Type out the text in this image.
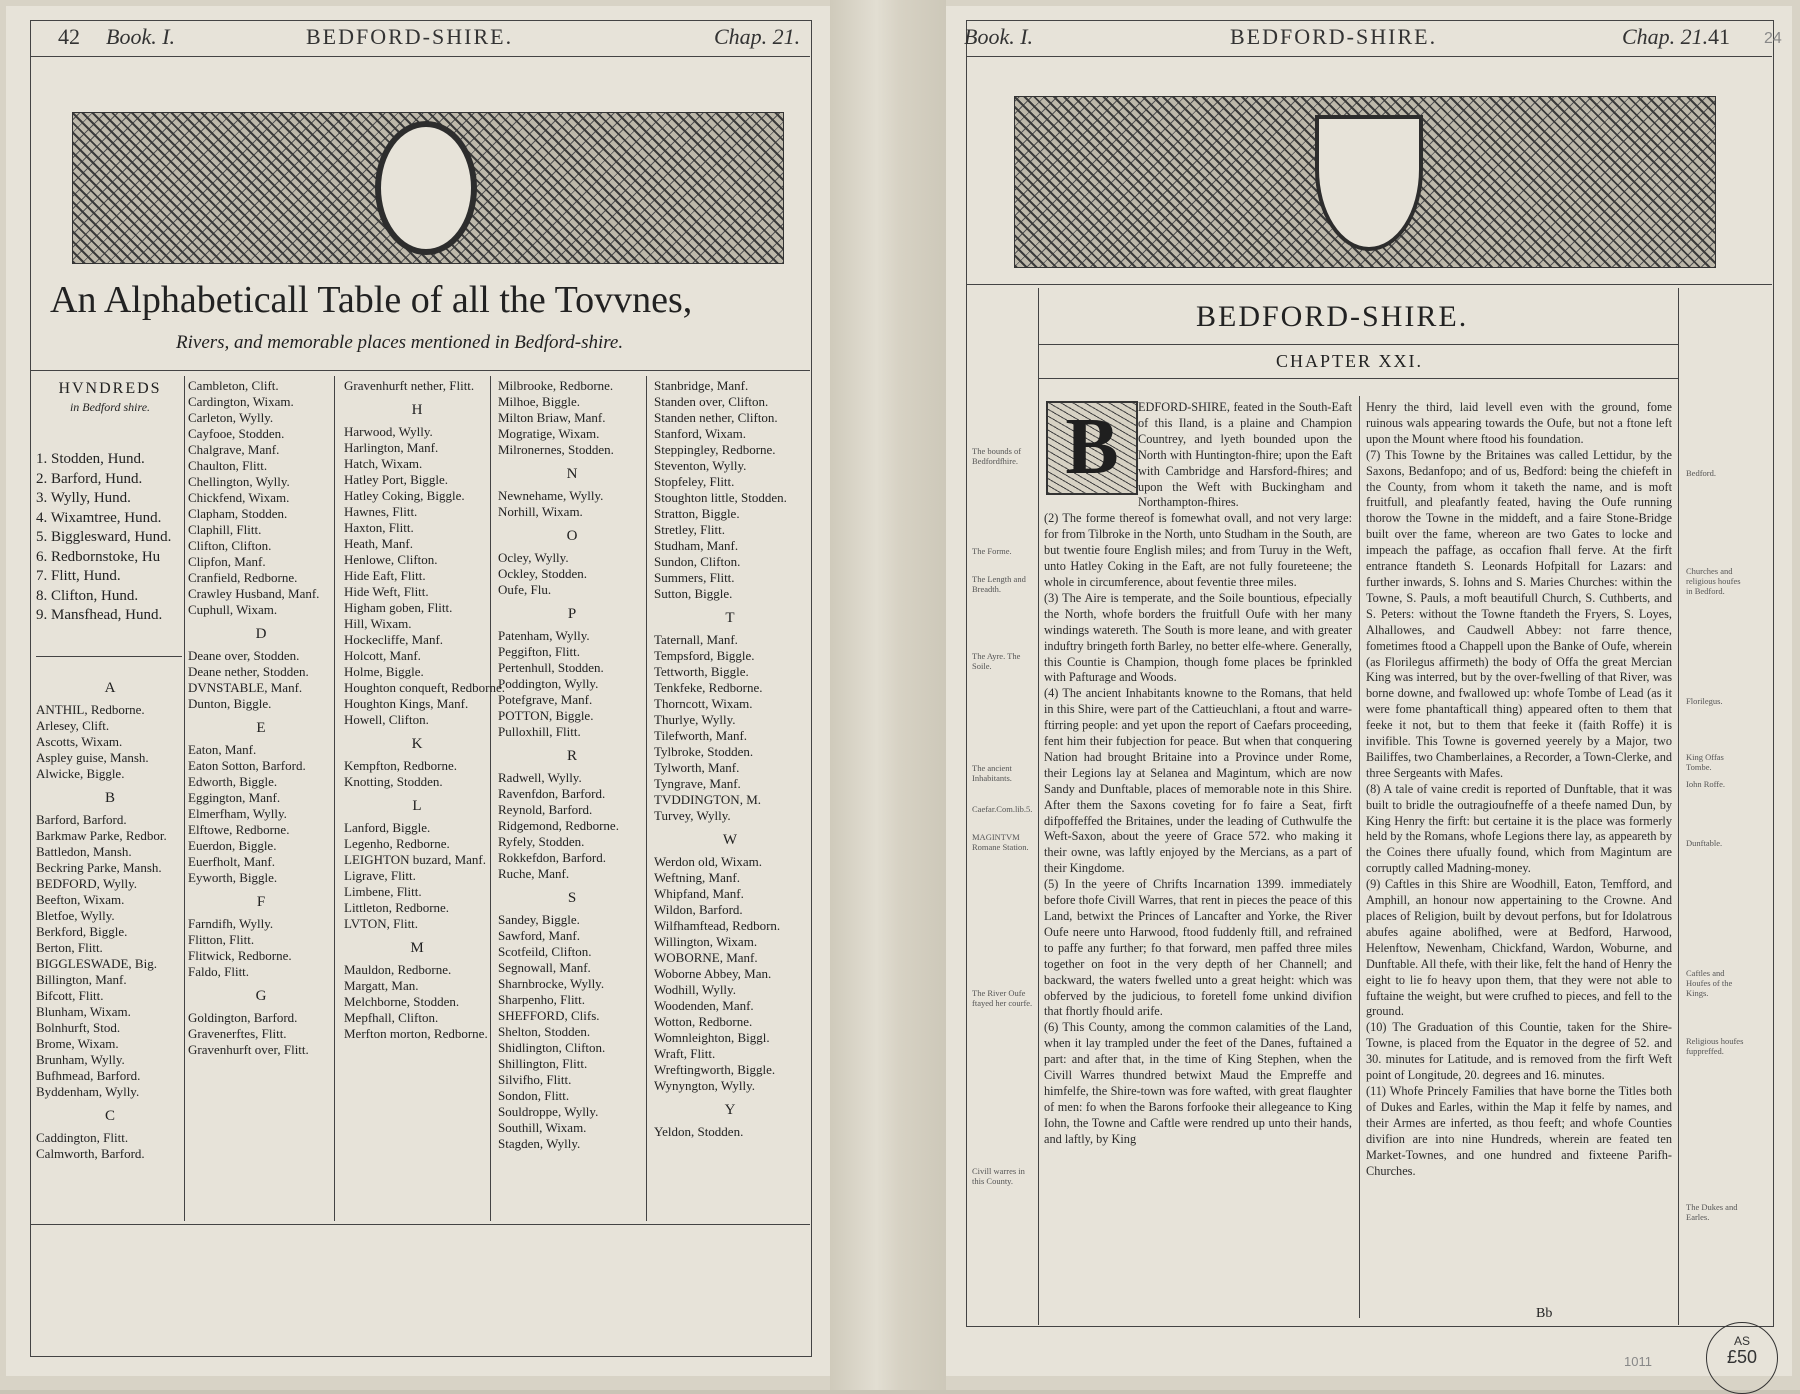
42 Book. I.	BEDFORD-SHIRE.	Chap. 21.
An Alphabeticall Table of all the Tovvnes,
Rivers, and memorable places mentioned in Bedford-shire.
HVNDREDS
in Bedford shire.
1. Stodden, Hund.
2. Barford, Hund.
3. Wylly, Hund.
4. Wixamtree, Hund.
5. Bigglesward, Hund.
6. Redbornstoke, Hu
7. Flitt, Hund.
8. Clifton, Hund.
9. Mansfhead, Hund.
A
ANTHIL, Redborne.
Arlesey, Clift.
Ascotts, Wixam.
Aspley guise, Mansh.
Alwicke, Biggle.
B
Barford, Barford.
Barkmaw Parke, Redbor.
Battledon, Mansh.
Beckring Parke, Mansh.
BEDFORD, Wylly.
Beefton, Wixam.
Bletfoe, Wylly.
Berkford, Biggle.
Berton, Flitt.
BIGGLESWADE, Big.
Billington, Manf.
Bifcott, Flitt.
Blunham, Wixam.
Bolnhurft, Stod.
Brome, Wixam.
Brunham, Wylly.
Bufhmead, Barford.
Byddenham, Wylly.
C
Caddington, Flitt.
Calmworth, Barford.
Cambleton, Clift.
Cardington, Wixam.
Carleton, Wylly.
Cayfooe, Stodden.
Chalgrave, Manf.
Chaulton, Flitt.
Chellington, Wylly.
Chickfend, Wixam.
Clapham, Stodden.
Claphill, Flitt.
Clifton, Clifton.
Clipfon, Manf.
Cranfield, Redborne.
Crawley Husband, Manf.
Cuphull, Wixam.
D
Deane over, Stodden.
Deane nether, Stodden.
DVNSTABLE, Manf.
Dunton, Biggle.
E
Eaton, Manf.
Eaton Sotton, Barford.
Edworth, Biggle.
Eggington, Manf.
Elmerfham, Wylly.
Elftowe, Redborne.
Euerdon, Biggle.
Euerfholt, Manf.
Eyworth, Biggle.
F
Farndifh, Wylly.
Flitton, Flitt.
Flitwick, Redborne.
Faldo, Flitt.
G
Goldington, Barford.
Gravenerftes, Flitt.
Gravenhurft over, Flitt.
Gravenhurft nether, Flitt.
H
Harwood, Wylly.
Harlington, Manf.
Hatch, Wixam.
Hatley Port, Biggle.
Hatley Coking, Biggle.
Hawnes, Flitt.
Haxton, Flitt.
Heath, Manf.
Henlowe, Clifton.
Hide Eaft, Flitt.
Hide Weft, Flitt.
Higham goben, Flitt.
Hill, Wixam.
Hockecliffe, Manf.
Holcott, Manf.
Holme, Biggle.
Houghton conqueft, Redborne.
Houghton Kings, Manf.
Howell, Clifton.
K
Kempfton, Redborne.
Knotting, Stodden.
L
Lanford, Biggle.
Legenho, Redborne.
LEIGHTON buzard, Manf.
Ligrave, Flitt.
Limbene, Flitt.
Littleton, Redborne.
LVTON, Flitt.
M
Mauldon, Redborne.
Margatt, Man.
Melchborne, Stodden.
Mepfhall, Clifton.
Merfton morton, Redborne.
Milbrooke, Redborne.
Milhoe, Biggle.
Milton Briaw, Manf.
Mogratige, Wixam.
Milronernes, Stodden.
N
Newnehame, Wylly.
Norhill, Wixam.
O
Ocley, Wylly.
Ockley, Stodden.
Oufe, Flu.
P
Patenham, Wylly.
Peggifton, Flitt.
Pertenhull, Stodden.
Poddington, Wylly.
Potefgrave, Manf.
POTTON, Biggle.
Pulloxhill, Flitt.
R
Radwell, Wylly.
Ravenfdon, Barford.
Reynold, Barford.
Ridgemond, Redborne.
Ryfely, Stodden.
Rokkefdon, Barford.
Ruche, Manf.
S
Sandey, Biggle.
Sawford, Manf.
Scotfeild, Clifton.
Segnowall, Manf.
Sharnbrocke, Wylly.
Sharpenho, Flitt.
SHEFFORD, Clifs.
Shelton, Stodden.
Shidlington, Clifton.
Shillington, Flitt.
Silvifho, Flitt.
Sondon, Flitt.
Souldroppe, Wylly.
Southill, Wixam.
Stagden, Wylly.
Stanbridge, Manf.
Standen over, Clifton.
Standen nether, Clifton.
Stanford, Wixam.
Steppingley, Redborne.
Steventon, Wylly.
Stopfeley, Flitt.
Stoughton little, Stodden.
Stratton, Biggle.
Stretley, Flitt.
Studham, Manf.
Sundon, Clifton.
Summers, Flitt.
Sutton, Biggle.
T
Taternall, Manf.
Tempsford, Biggle.
Tettworth, Biggle.
Tenkfeke, Redborne.
Thorncott, Wixam.
Thurlye, Wylly.
Tilefworth, Manf.
Tylbroke, Stodden.
Tylworth, Manf.
Tyngrave, Manf.
TVDDINGTON, M.
Turvey, Wylly.
W
Werdon old, Wixam.
Weftning, Manf.
Whipfand, Manf.
Wildon, Barford.
Wilfhamftead, Redborn.
Willington, Wixam.
WOBORNE, Manf.
Woborne Abbey, Man.
Wodhill, Wylly.
Woodenden, Manf.
Wotton, Redborne.
Womnleighton, Biggl.
Wraft, Flitt.
Wreftingworth, Biggle.
Wynyngton, Wylly.
Y
Yeldon, Stodden.
Book. I.	BEDFORD-SHIRE.	Chap. 21. 41
BEDFORD-SHIRE.
CHAPTER XXI.
B	EDFORD-SHIRE, feated in the South-Eaft of this Iland, is a plaine and Champion Countrey, and lyeth bounded upon the North with Huntington-fhire; upon the Eaft with Cambridge and Harsford-fhires; and upon the Weft with Buckingham and Northampton-fhires.

(2) The forme thereof is fomewhat ovall, and not very large: for from Tilbroke in the North, unto Studham in the South, are but twentie foure English miles; and from Turuy in the Weft, unto Hatley Coking in the Eaft, are not fully foureteene; the whole in circumference, about feventie three miles.

(3) The Aire is temperate, and the Soile bountious, efpecially the North, whofe borders the fruitfull Oufe with her many windings watereth. The South is more leane, and with greater induftry bringeth forth Barley, no better elfe-where. Generally, this Countie is Champion, though fome places be fprinkled with Pafturage and Woods.

(4) The ancient Inhabitants knowne to the Romans, that held in this Shire, were part of the Cattieuchlani, a ftout and warre-ftirring people: and yet upon the report of Caefars proceeding, fent him their fubjection for peace. But when that conquering Nation had brought Britaine into a Province under Rome, their Legions lay at Selanea and Magintum, which are now Sandy and Dunftable, places of memorable note in this Shire. After them the Saxons coveting for fo faire a Seat, firft difpoffeffed the Britaines, under the leading of Cuthwulfe the Weft-Saxon, about the yeere of Grace 572. who making it their owne, was laftly enjoyed by the Mercians, as a part of their Kingdome.

(5) In the yeere of Chrifts Incarnation 1399. immediately before thofe Civill Warres, that rent in pieces the peace of this Land, betwixt the Princes of Lancafter and Yorke, the River Oufe neere unto Harwood, ftood fuddenly ftill, and refrained to paffe any further; fo that forward, men paffed three miles together on foot in the very depth of her Channell; and backward, the waters fwelled unto a great height: which was obferved by the judicious, to foretell fome unkind divifion that fhortly fhould arife.

(6) This County, among the common calamities of the Land, when it lay trampled under the feet of the Danes, fuftained a part: and after that, in the time of King Stephen, when the Civill Warres thundred betwixt Maud the Empreffe and himfelfe, the Shire-town was fore wafted, with great flaughter of men: fo when the Barons forfooke their allegeance to King Iohn, the Towne and Caftle were rendred up unto their hands, and laftly, by King

Henry the third, laid levell even with the ground, fome ruinous wals appearing towards the Oufe, but not a ftone left upon the Mount where ftood his foundation.

(7) This Towne by the Britaines was called Lettidur, by the Saxons, Bedanfopo; and of us, Bedford: being the chiefeft in the County, from whom it taketh the name, and is moft fruitfull, and pleafantly feated, having the Oufe running thorow the Towne in the middeft, and a faire Stone-Bridge built over the fame, whereon are two Gates to locke and impeach the paffage, as occafion fhall ferve. At the firft entrance ftandeth S. Leonards Hofpitall for Lazars: and further inwards, S. Iohns and S. Maries Churches: within the Towne, S. Pauls, a moft beautifull Church, S. Cuthberts, and S. Peters: without the Towne ftandeth the Fryers, S. Loyes, Alhallowes, and Caudwell Abbey: not farre thence, fometimes ftood a Chappell upon the Banke of Oufe, wherein (as Florilegus affirmeth) the body of Offa the great Mercian King was interred, but by the over-fwelling of that River, was borne downe, and fwallowed up: whofe Tombe of Lead (as it were fome phantafticall thing) appeared often to them that feeke it not, but to them that feeke it (faith Roffe) it is invifible. This Towne is governed yeerely by a Major, two Bailiffes, two Chamberlaines, a Recorder, a Town-Clerke, and three Sergeants with Mafes.

(8) A tale of vaine credit is reported of Dunftable, that it was built to bridle the outragioufneffe of a theefe named Dun, by King Henry the firft: but certaine it is the place was formerly held by the Romans, whofe Legions there lay, as appeareth by the Coines there ufually found, which from Magintum are corruptly called Madning-money.

(9) Caftles in this Shire are Woodhill, Eaton, Temfford, and Amphill, an honour now appertaining to the Crowne. And places of Religion, built by devout perfons, but for Idolatrous abufes againe abolifhed, were at Bedford, Harwood, Helenftow, Newenham, Chickfand, Wardon, Woburne, and Dunftable. All thefe, with their like, felt the hand of Henry the eight to lie fo heavy upon them, that they were not able to fuftaine the weight, but were crufhed to pieces, and fell to the ground.

(10) The Graduation of this Countie, taken for the Shire-Towne, is placed from the Equator in the degree of 52. and 30. minutes for Latitude, and is removed from the firft Weft point of Longitude, 20. degrees and 16. minutes.

(11) Whofe Princely Families that have borne the Titles both of Dukes and Earles, within the Map it felfe by names, and their Armes are inferted, as thou feeft; and whofe Counties divifion are into nine Hundreds, wherein are feated ten Market-Townes, and one hundred and fixteene Parifh-Churches.

Bb
24
1011
AS
£50
The bounds of Bedfordfhire.
The Forme.
The Length and Breadth.
The Ayre. The Soile.
The ancient Inhabitants.
Caefar.Com.lib.5.
MAGINTVM Romane Station.
The River Oufe ftayed her courfe.
Civill warres in this County.
Bedford.
Churches and religious houfes in Bedford.
Florilegus.
King Offas Tombe.
Iohn Roffe.
Dunftable.
Caftles and Houfes of the Kings.
Religious houfes fuppreffed.
The Dukes and Earles.
